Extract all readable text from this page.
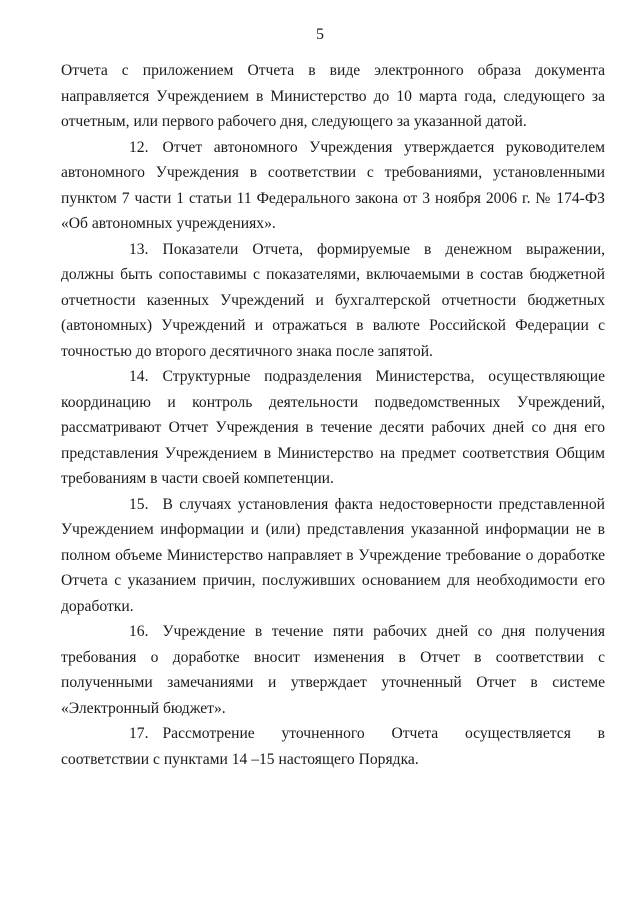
5

Отчета с приложением Отчета в виде электронного образа документа направляется Учреждением в Министерство до 10 марта года, следующего за отчетным, или первого рабочего дня, следующего за указанной датой.

12. Отчет автономного Учреждения утверждается руководителем автономного Учреждения в соответствии с требованиями, установленными пунктом 7 части 1 статьи 11 Федерального закона от 3 ноября 2006 г. № 174-ФЗ «Об автономных учреждениях».

13. Показатели Отчета, формируемые в денежном выражении, должны быть сопоставимы с показателями, включаемыми в состав бюджетной отчетности казенных Учреждений и бухгалтерской отчетности бюджетных (автономных) Учреждений и отражаться в валюте Российской Федерации с точностью до второго десятичного знака после запятой.

14. Структурные подразделения Министерства, осуществляющие координацию и контроль деятельности подведомственных Учреждений, рассматривают Отчет Учреждения в течение десяти рабочих дней со дня его представления Учреждением в Министерство на предмет соответствия Общим требованиям в части своей компетенции.

15. В случаях установления факта недостоверности представленной Учреждением информации и (или) представления указанной информации не в полном объеме Министерство направляет в Учреждение требование о доработке Отчета с указанием причин, послуживших основанием для необходимости его доработки.

16. Учреждение в течение пяти рабочих дней со дня получения требования о доработке вносит изменения в Отчет в соответствии с полученными замечаниями и утверждает уточненный Отчет в системе «Электронный бюджет».

17. Рассмотрение уточненного Отчета осуществляется в соответствии с пунктами 14 –15 настоящего Порядка.
